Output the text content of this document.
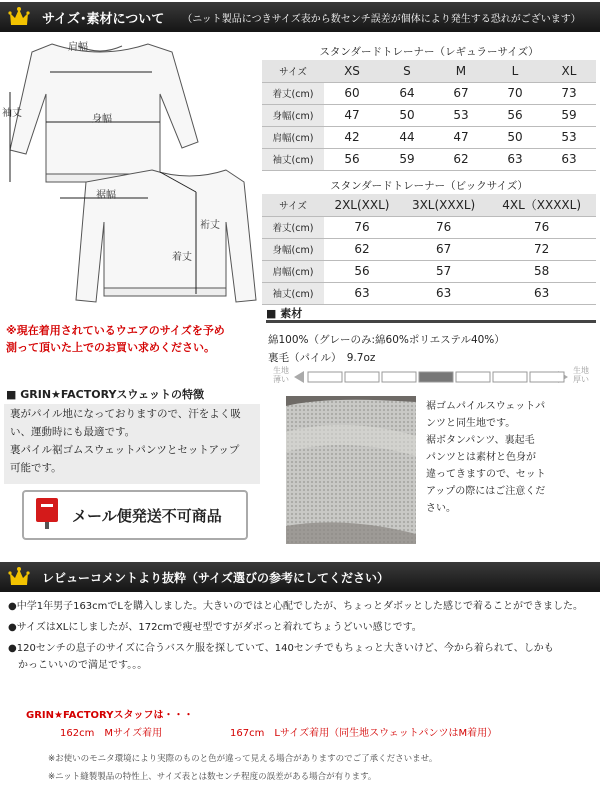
サイズ･素材について （ニット製品につきサイズ表から数センチ誤差が個体により発生する恐れがございます）
肩幅
袖丈
身幅
裾幅
裄丈
着丈
スタンダードトレーナー（レギュラーサイズ）
サイズ	XS	S	M	L	XL
着丈(cm)	60	64	67	70	73
身幅(cm)	47	50	53	56	59
肩幅(cm)	42	44	47	50	53
袖丈(cm)	56	59	62	63	63
スタンダードトレーナー（ビックサイズ）
サイズ	2XL(XXL)	3XL(XXXL)	4XL（XXXXL)
着丈(cm)	76	76	76
身幅(cm)	62	67	72
肩幅(cm)	56	57	58
袖丈(cm)	63	63	63
※現在着用されているウエアのサイズを予め
測って頂いた上でのお買い求めください。
■ GRIN★FACTORYスウェットの特徴
裏がパイル地になっておりますので、汗をよく吸
い、運動時にも最適です。
裏パイル裾ゴムスウェットパンツとセットアップ
可能です。
メール便発送不可商品
■ 素材
綿100%（グレーのみ:綿60%ポリエステル40%）
裏毛（パイル）　9.7oz
生地薄い
生地厚い
裾ゴムパイルスウェットパ
ンツと同生地です。
裾ボタンパンツ、裏起毛
パンツとは素材と色身が
違ってきますので、セット
アップの際にはご注意くだ
さい。
レビューコメントより抜粋（サイズ選びの参考にしてください）
●中学1年男子163cmでLを購入しました。大きいのではと心配でしたが、ちょっとダボッとした感じで着ることができました。
●サイズはXLにしましたが、172cmで痩せ型ですがダボっと着れてちょうどいい感じです。
●120センチの息子のサイズに合うバスケ服を探していて、140センチでもちょっと大きいけど、今から着られて、しかも
　かっこいいので満足です。。。
GRIN★FACTORYスタッフは・・・
162cm　Mサイズ着用	167cm　Lサイズ着用（同生地スウェットパンツはM着用）
※お使いのモニタ環境により実際のものと色が違って見える場合がありますのでご了承くださいませ。
※ニット縫製製品の特性上、サイズ表とは数センチ程度の誤差がある場合が有ります。
